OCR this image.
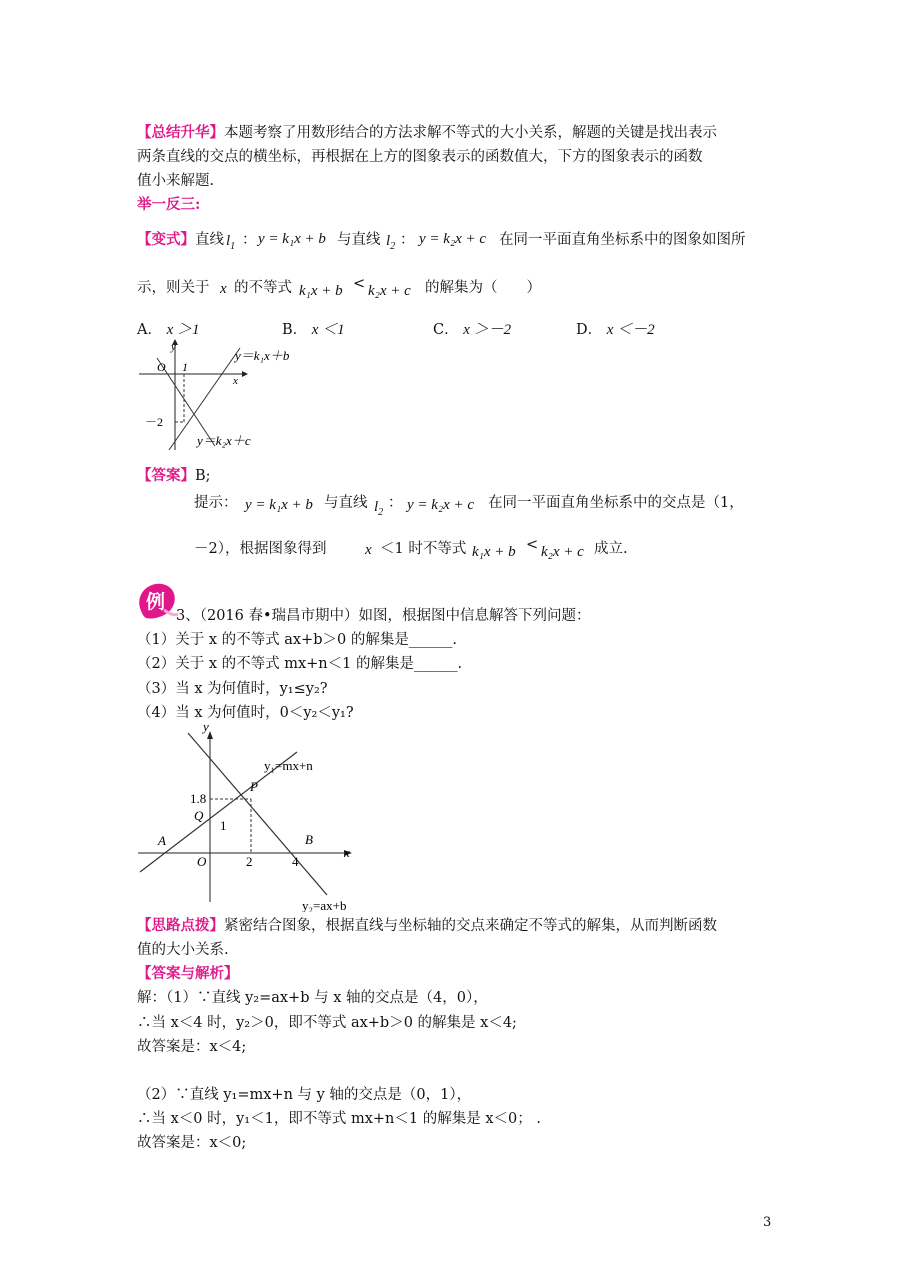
【总结升华】本题考察了用数形结合的方法求解不等式的大小关系，解题的关键是找出表示
两条直线的交点的横坐标，再根据在上方的图象表示的函数值大，下方的图象表示的函数
值小来解题.
举一反三:
【变式】直线 $l_1$ ： y = k₁x + b 与直线 $l_2$ ： y = k₂x + c 在同一平面直角坐标系中的图象如图所
示，则关于 x 的不等式 k₁x + b < k₂x + c 的解集为（　　）
A． x ＞1	B． x ＜1	C． x ＞－2	D． x ＜－2
y
x
O 1
－2
y＝k₁x＋b
y＝k₂x＋c
【答案】B;
提示： y = k₁x + b 与直线 $l_2$
： y = k₂x + c 在同一平面直角坐标系中的交点是（1，
－2），根据图象得到	x ＜1 时不等式 k₁x + b < k₂x + c 成立.
例
3、（2016 春•瑞昌市期中）如图，根据图中信息解答下列问题：
（1）关于 x 的不等式 ax+b＞0 的解集是______.
（2）关于 x 的不等式 mx+n＜1 的解集是______.
（3）当 x 为何值时，y₁≤y₂?
（4）当 x 为何值时，0＜y₂＜y₁?
y
x
O
y₁=mx+n
y₂=ax+b
P
Q
A	B
1.8
1
2	4
【思路点拨】紧密结合图象，根据直线与坐标轴的交点来确定不等式的解集，从而判断函数
值的大小关系.
【答案与解析】
解：（1）∵直线 y₂=ax+b 与 x 轴的交点是（4，0），
∴当 x＜4 时，y₂＞0，即不等式 ax+b＞0 的解集是 x＜4;
故答案是：x＜4;
（2）∵直线 y₁=mx+n 与 y 轴的交点是（0，1），
∴当 x＜0 时，y₁＜1，即不等式 mx+n＜1 的解集是 x＜0； .
故答案是：x＜0;
3
